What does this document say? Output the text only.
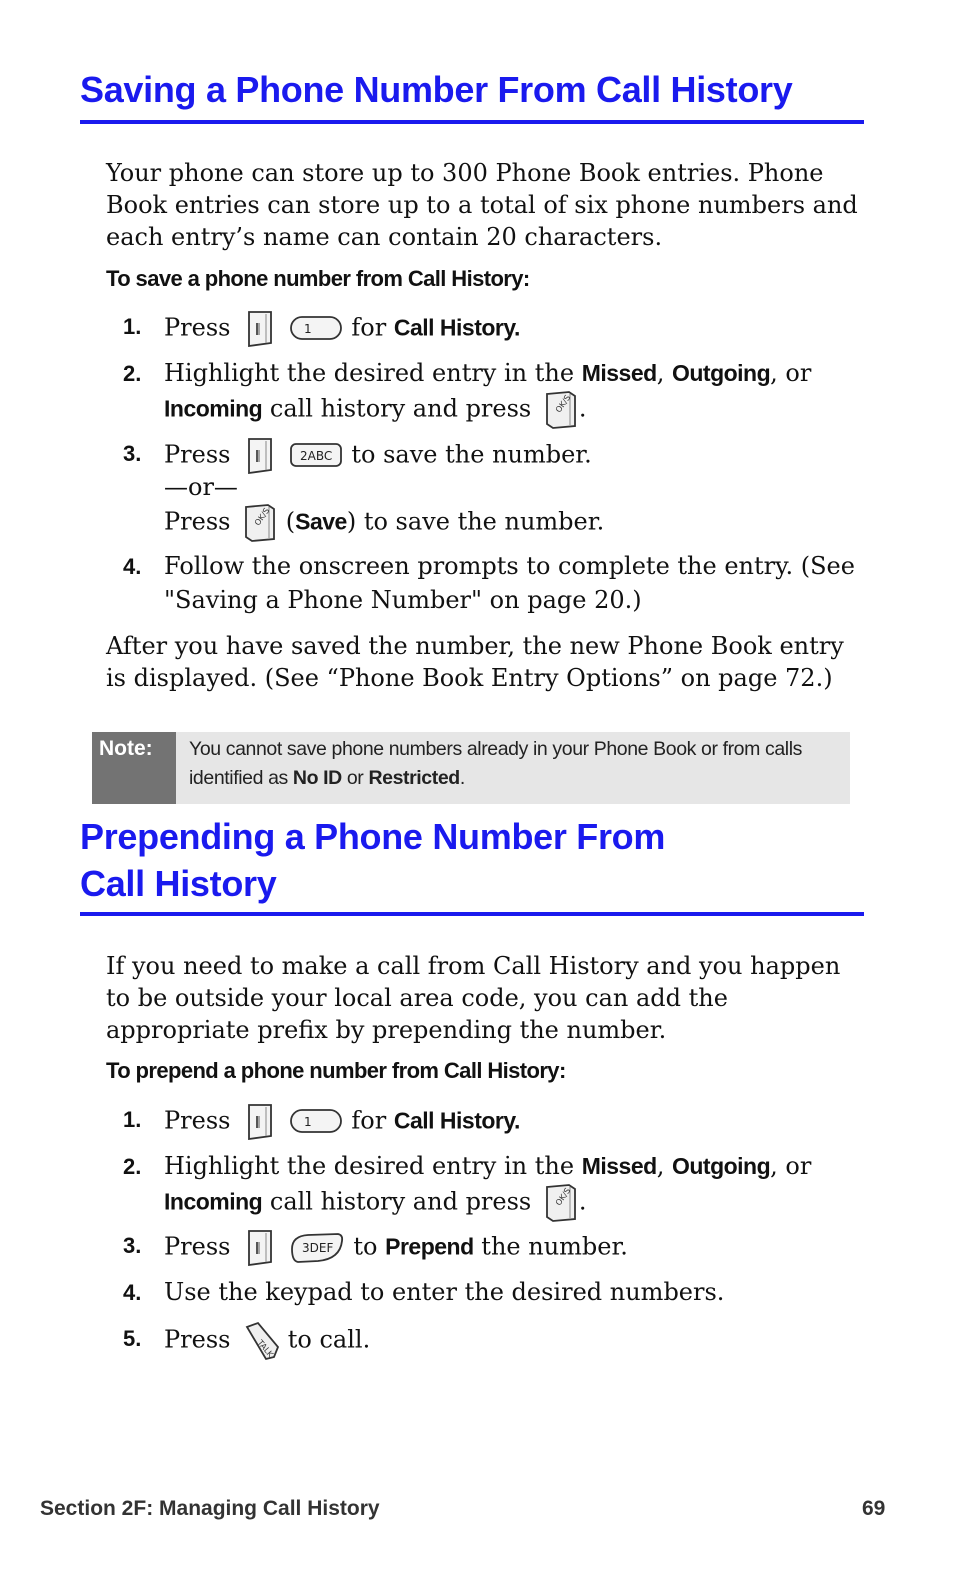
Saving a Phone Number From Call History

Your phone can store up to 300 Phone Book entries. Phone Book entries can store up to a total of six phone numbers and each entry’s name can contain 20 characters.

To save a phone number from Call History:

1. Press
	1 for Call History.
2. Highlight the desired entry in the Missed, Outgoing, or
Incoming call history and press .
3. Press
	2ABC to save the number.
—or—
Press (Save) to save the number.
4. Follow the onscreen prompts to complete the entry. (See
"Saving a Phone Number" on page 20.)

After you have saved the number, the new Phone Book entry is displayed. (See “Phone Book Entry Options” on page 72.)

Note:	You cannot save phone numbers already in your Phone Book or from calls identified as No ID or Restricted.
Prepending a Phone Number From
Call History

If you need to make a call from Call History and you happen to be outside your local area code, you can add the appropriate prefix by prepending the number.

To prepend a phone number from Call History:

1. Press
	1 for Call History.
2. Highlight the desired entry in the Missed, Outgoing, or
Incoming call history and press .
3. Press
	3DEF to Prepend the number.
4. Use the keypad to enter the desired numbers.
5. Press to call.
Section 2F: Managing Call History	69
